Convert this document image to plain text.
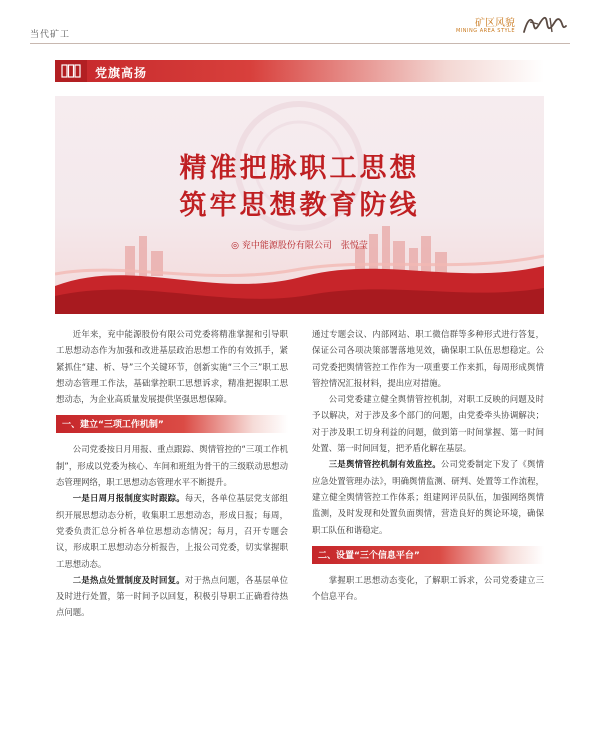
当代矿工
矿区风貌
MINING AREA STYLE
党旗高扬
精准把脉职工思想
筑牢思想教育防线
◎ 兖中能源股份有限公司　张悦莹

近年来，兖中能源股份有限公司党委将精准掌握和引导职工思想动态作为加强和改进基层政治思想工作的有效抓手，紧紧抓住“建、析、导”三个关键环节，创新实施“三个三”职工思想动态管理工作法，基础掌控职工思想诉求，精准把握职工思想动态，为企业高质量发展提供坚强思想保障。

一、建立“三项工作机制”

公司党委按日月用报、重点跟踪、舆情管控的“三项工作机制”，形成以党委为核心、车间和班组为骨干的三级联动思想动态管理网络，职工思想动态管理水平不断提升。

一是日周月报制度实时跟踪。每天，各单位基层党支部组织开展思想动态分析，收集职工思想动态，形成日报；每周，党委负责汇总分析各单位思想动态情况；每月，召开专题会议，形成职工思想动态分析报告，上报公司党委，切实掌握职工思想动态。

二是热点处置制度及时回复。对于热点问题，各基层单位及时进行处置，第一时间予以回复，积极引导职工正确看待热点问题。

通过专题会议、内部网站、职工微信群等多种形式进行答复，保证公司各项决策部署落地见效，确保职工队伍思想稳定。公司党委把舆情管控工作作为一项重要工作来抓，每周形成舆情管控情况汇报材料，提出应对措施。

公司党委建立健全舆情管控机制，对职工反映的问题及时予以解决，对于涉及多个部门的问题，由党委牵头协调解决；对于涉及职工切身利益的问题，做到第一时间掌握、第一时间处置、第一时间回复，把矛盾化解在基层。

三是舆情管控机制有效监控。公司党委制定下发了《舆情应急处置管理办法》，明确舆情监测、研判、处置等工作流程，建立健全舆情管控工作体系；组建网评员队伍，加强网络舆情监测，及时发现和处置负面舆情，营造良好的舆论环境，确保职工队伍和谐稳定。

二、设置“三个信息平台”

掌握职工思想动态变化，了解职工诉求，公司党委建立三个信息平台。
